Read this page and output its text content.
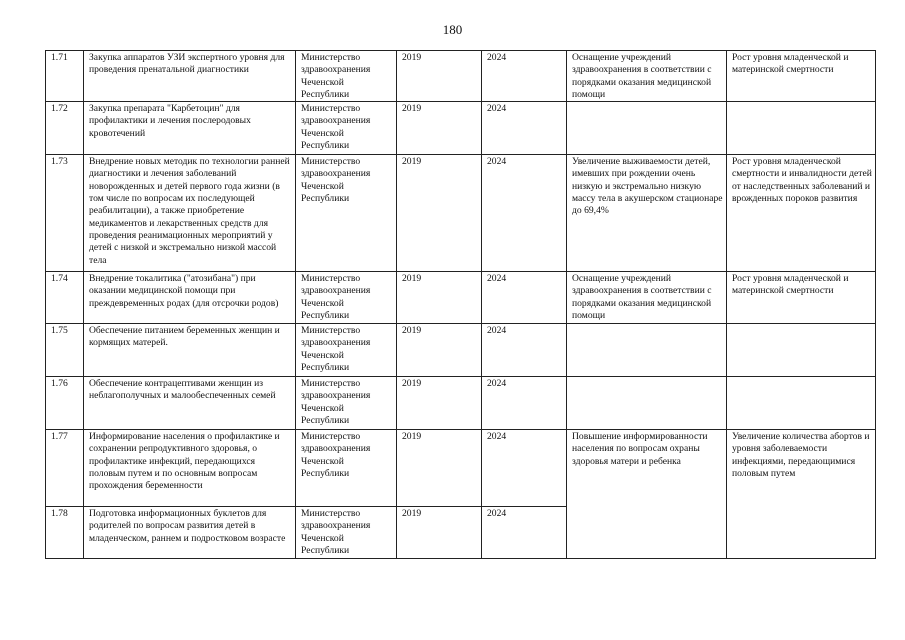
180
1.71	Закупка аппаратов УЗИ экспертного уровня для проведения пренатальной диагностики	Министерство здравоохранения Чеченской Республики	2019	2024	Оснащение учреждений здравоохранения в соответствии с порядками оказания медицинской помощи	Рост уровня младенческой и материнской смертности
1.72	Закупка препарата "Карбетоцин" для профилактики и лечения послеродовых кровотечений	Министерство здравоохранения Чеченской Республики	2019	2024		
1.73	Внедрение новых методик по технологии ранней диагностики и лечения заболеваний новорожденных и детей первого года жизни (в том числе по вопросам их последующей реабилитации), а также приобретение медикаментов и лекарственных средств для проведения реанимационных мероприятий у детей с низкой и экстремально низкой массой тела	Министерство здравоохранения Чеченской Республики	2019	2024	Увеличение выживаемости детей, имевших при рождении очень низкую и экстремально низкую массу тела в акушерском стационаре до 69,4%	Рост уровня младенческой смертности и инвалидности детей от наследственных заболеваний и врожденных пороков развития
1.74	Внедрение токалитика ("атозибана") при оказании медицинской помощи при преждевременных родах (для отсрочки родов)	Министерство здравоохранения Чеченской Республики	2019	2024	Оснащение учреждений здравоохранения в соответствии с порядками оказания медицинской помощи	Рост уровня младенческой и материнской смертности
1.75	Обеспечение питанием беременных женщин и кормящих матерей.	Министерство здравоохранения Чеченской Республики	2019	2024		
1.76	Обеспечение контрацептивами женщин из неблагополучных и малообеспеченных семей	Министерство здравоохранения Чеченской Республики	2019	2024		
1.77	Информирование населения о профилактике и сохранении репродуктивного здоровья, о профилактике инфекций, передающихся половым путем и по основным вопросам прохождения беременности	Министерство здравоохранения Чеченской Республики	2019	2024	Повышение информированности населения по вопросам охраны здоровья матери и ребенка	Увеличение количества абортов и уровня заболеваемости инфекциями, передающимися половым путем
1.78	Подготовка информационных буклетов для родителей по вопросам развития детей в младенческом, раннем и подростковом возрасте	Министерство здравоохранения Чеченской Республики	2019	2024		
